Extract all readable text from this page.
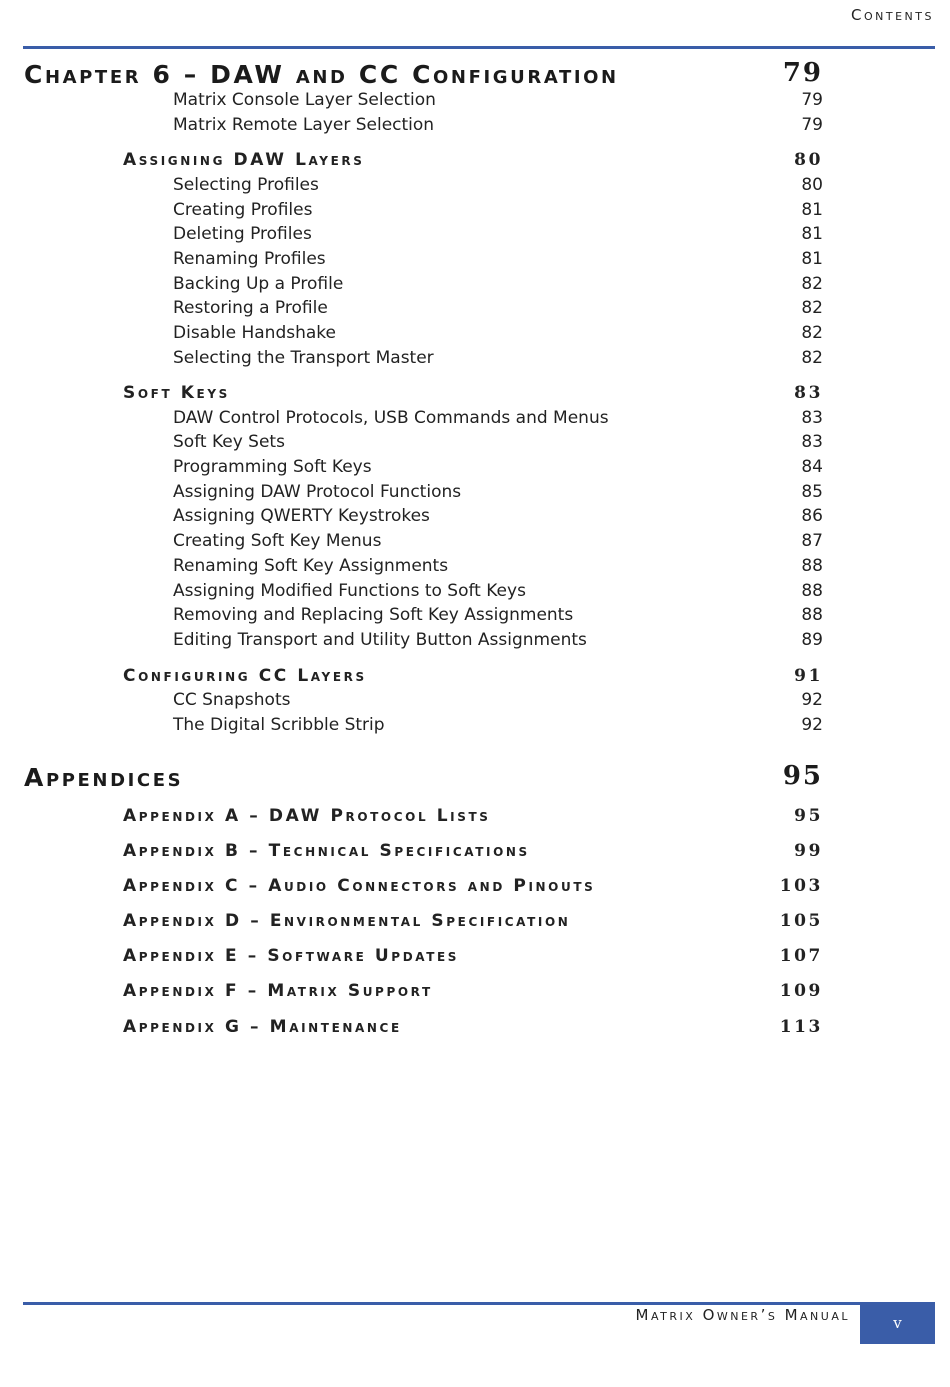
Contents
Chapter 6 – DAW and CC Configuration	79
Matrix Console Layer Selection	79
Matrix Remote Layer Selection	79
Assigning DAW Layers	80
Selecting Profiles	80
Creating Profiles	81
Deleting Profiles	81
Renaming Profiles	81
Backing Up a Profile	82
Restoring a Profile	82
Disable Handshake	82
Selecting the Transport Master	82
Soft Keys	83
DAW Control Protocols, USB Commands and Menus	83
Soft Key Sets	83
Programming Soft Keys	84
Assigning DAW Protocol Functions	85
Assigning QWERTY Keystrokes	86
Creating Soft Key Menus	87
Renaming Soft Key Assignments	88
Assigning Modified Functions to Soft Keys	88
Removing and Replacing Soft Key Assignments	88
Editing Transport and Utility Button Assignments	89
Configuring CC Layers	91
CC Snapshots	92
The Digital Scribble Strip	92
Appendices	95
Appendix A – DAW Protocol Lists	95
Appendix B – Technical Specifications	99
Appendix C – Audio Connectors and Pinouts	103
Appendix D – Environmental Specification	105
Appendix E – Software Updates	107
Appendix F – Matrix Support	109
Appendix G – Maintenance	113
Matrix Owner’s Manual	v
